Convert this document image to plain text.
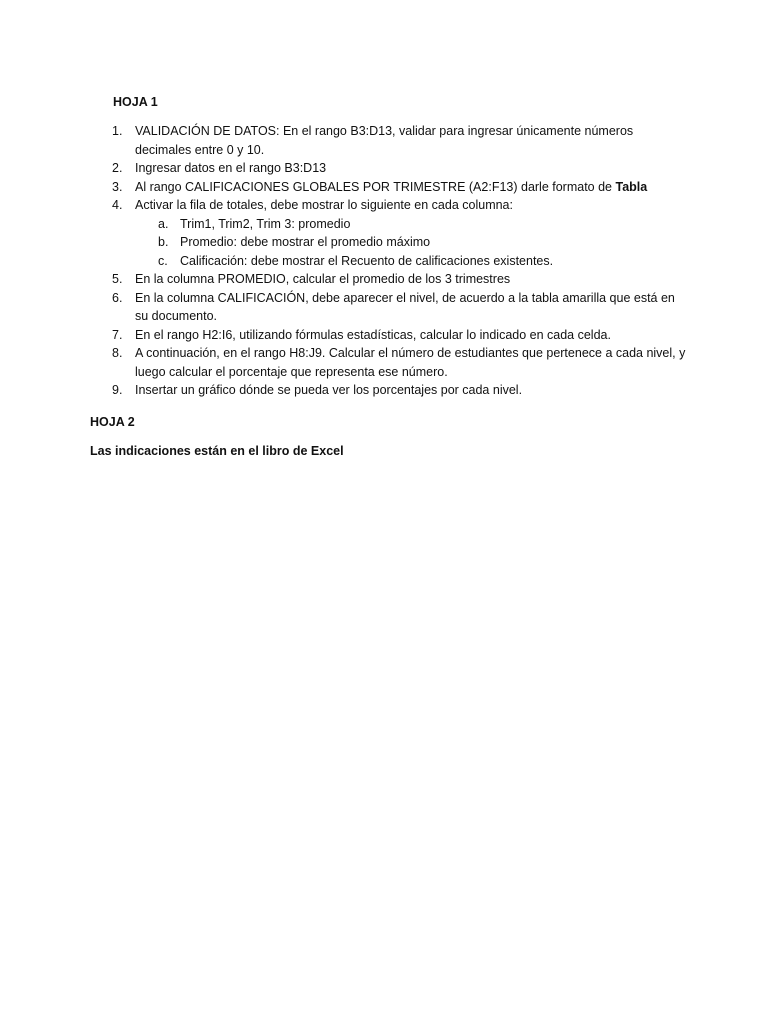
HOJA 1
1.	VALIDACIÓN DE DATOS: En el rango B3:D13, validar para ingresar únicamente números decimales entre 0 y 10.
2.	Ingresar datos en el rango B3:D13
3.	Al rango CALIFICACIONES GLOBALES POR TRIMESTRE (A2:F13) darle formato de Tabla
4.	Activar la fila de totales, debe mostrar lo siguiente en cada columna:
a. Trim1, Trim2, Trim 3: promedio
b. Promedio: debe mostrar el promedio máximo
c. Calificación: debe mostrar el Recuento de calificaciones existentes.
5.	En la columna PROMEDIO, calcular el promedio de los 3 trimestres
6.	En la columna CALIFICACIÓN, debe aparecer el nivel, de acuerdo a la tabla amarilla que está en su documento.
7.	En el rango H2:I6, utilizando fórmulas estadísticas, calcular lo indicado en cada celda.
8.	A continuación, en el rango H8:J9. Calcular el número de estudiantes que pertenece a cada nivel, y luego calcular el porcentaje que representa ese número.
9.	Insertar un gráfico dónde se pueda ver los porcentajes por cada nivel.
HOJA 2
Las indicaciones están en el libro de Excel
